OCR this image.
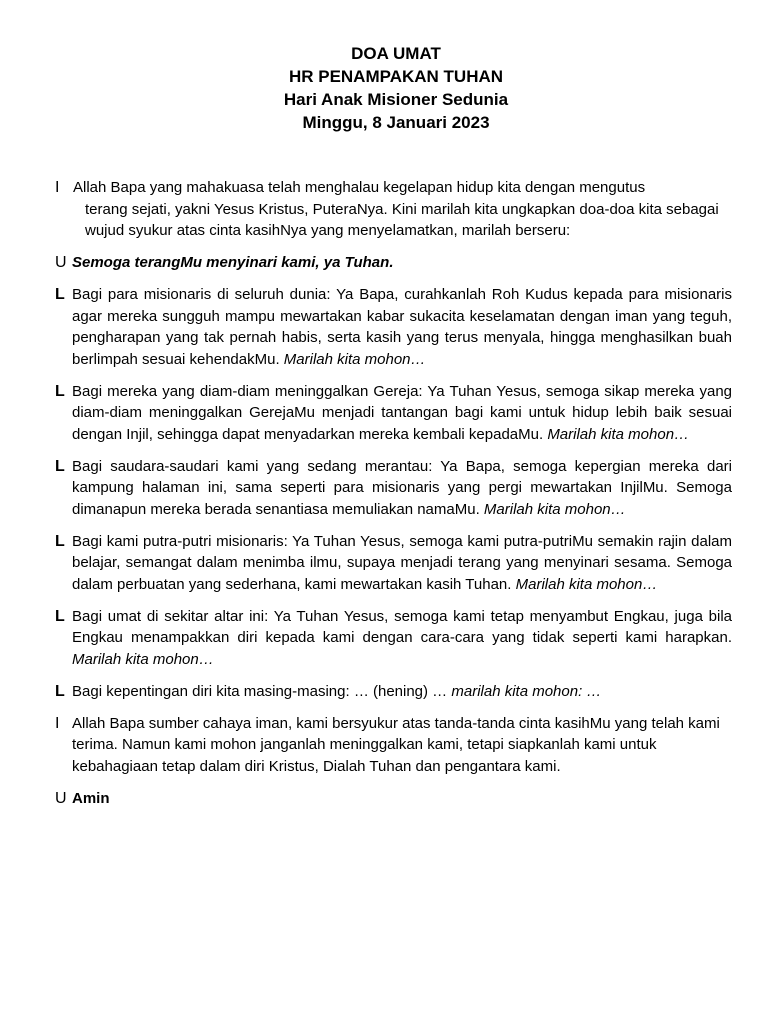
DOA UMAT
HR PENAMPAKAN TUHAN
Hari Anak Misioner Sedunia
Minggu, 8 Januari 2023
I Allah Bapa yang mahakuasa telah menghalau kegelapan hidup kita dengan mengutus
terang sejati, yakni Yesus Kristus, PuteraNya. Kini marilah kita ungkapkan doa-doa kita sebagai wujud syukur atas cinta kasihNya yang menyelamatkan, marilah berseru:
U Semoga terangMu menyinari kami, ya Tuhan.
L Bagi para misionaris di seluruh dunia: Ya Bapa, curahkanlah Roh Kudus kepada para misionaris agar mereka sungguh mampu mewartakan kabar sukacita keselamatan dengan iman yang teguh, pengharapan yang tak pernah habis, serta kasih yang terus menyala, hingga menghasilkan buah berlimpah sesuai kehendakMu. Marilah kita mohon…
L Bagi mereka yang diam-diam meninggalkan Gereja: Ya Tuhan Yesus, semoga sikap mereka yang diam-diam meninggalkan GerejaMu menjadi tantangan bagi kami untuk hidup lebih baik sesuai dengan Injil, sehingga dapat menyadarkan mereka kembali kepadaMu. Marilah kita mohon…
L Bagi saudara-saudari kami yang sedang merantau: Ya Bapa, semoga kepergian mereka dari kampung halaman ini, sama seperti para misionaris yang pergi mewartakan InjilMu. Semoga dimanapun mereka berada senantiasa memuliakan namaMu. Marilah kita mohon…
L Bagi kami putra-putri misionaris: Ya Tuhan Yesus, semoga kami putra-putriMu semakin rajin dalam belajar, semangat dalam menimba ilmu, supaya menjadi terang yang menyinari sesama. Semoga dalam perbuatan yang sederhana, kami mewartakan kasih Tuhan. Marilah kita mohon…
L Bagi umat di sekitar altar ini: Ya Tuhan Yesus, semoga kami tetap menyambut Engkau, juga bila Engkau menampakkan diri kepada kami dengan cara-cara yang tidak seperti kami harapkan. Marilah kita mohon…
L Bagi kepentingan diri kita masing-masing: … (hening) … marilah kita mohon: …
I Allah Bapa sumber cahaya iman, kami bersyukur atas tanda-tanda cinta kasihMu yang telah kami terima. Namun kami mohon janganlah meninggalkan kami, tetapi siapkanlah kami untuk kebahagiaan tetap dalam diri Kristus, Dialah Tuhan dan pengantara kami.
U Amin
